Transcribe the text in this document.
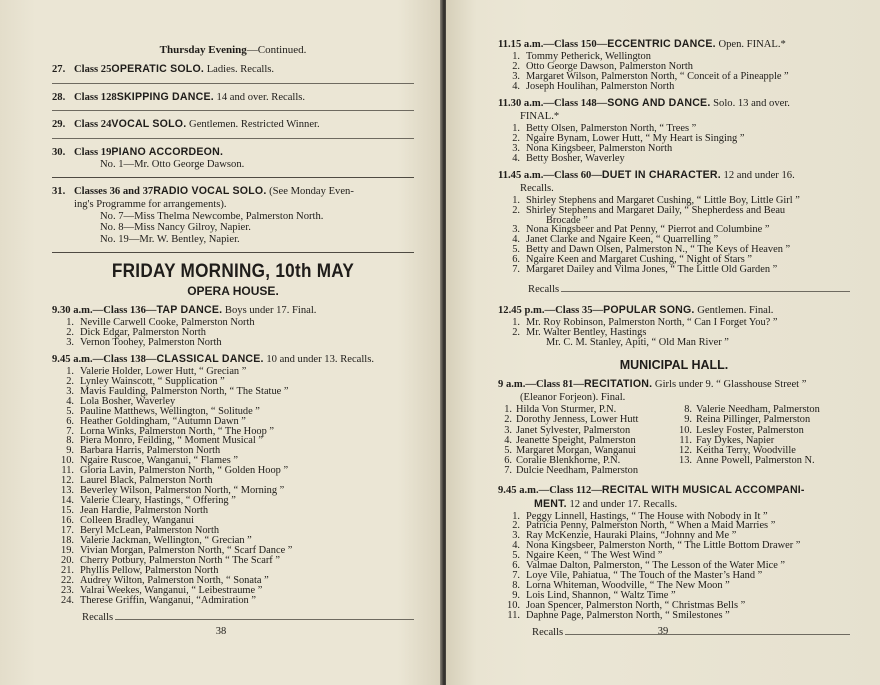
Thursday Evening—Continued.
27. Class 25OPERATIC SOLO. Ladies. Recalls.
28. Class 128SKIPPING DANCE. 14 and over. Recalls.
29. Class 24VOCAL SOLO. Gentlemen. Restricted Winner.
30. Class 19PIANO ACCORDEON.
No. 1—Mr. Otto George Dawson.
31. Classes 36 and 37RADIO VOCAL SOLO. (See Monday Even-
ing's Programme for arrangements).
No. 7—Miss Thelma Newcombe, Palmerston North.
No. 8—Miss Nancy Gilroy, Napier.
No. 19—Mr. W. Bentley, Napier.
FRIDAY MORNING, 10th MAY
OPERA HOUSE.
9.30 a.m.—Class 136—TAP DANCE. Boys under 17. Final.
1. Neville Carwell Cooke, Palmerston North
2. Dick Edgar, Palmerston North
3. Vernon Toohey, Palmerston North
9.45 a.m.—Class 138—CLASSICAL DANCE. 10 and under 13. Recalls.
1. Valerie Holder, Lower Hutt, “ Grecian ”
2. Lynley Wainscott, “ Supplication ”
3. Mavis Faulding, Palmerston North, “ The Statue ”
4. Lola Bosher, Waverley
5. Pauline Matthews, Wellington, “ Solitude ”
6. Heather Goldingham, “Autumn Dawn ”
7. Lorna Winks, Palmerston North, “ The Hoop ”
8. Piera Monro, Feilding, “ Moment Musical ”
9. Barbara Harris, Palmerston North
10. Ngaire Ruscoe, Wanganui, “ Flames ”
11. Gloria Lavin, Palmerston North, “ Golden Hoop ”
12. Laurel Black, Palmerston North
13. Beverley Wilson, Palmerston North, “ Morning ”
14. Valerie Cleary, Hastings, “ Offering ”
15. Jean Hardie, Palmerston North
16. Colleen Bradley, Wanganui
17. Beryl McLean, Palmerston North
18. Valerie Jackman, Wellington, “ Grecian ”
19. Vivian Morgan, Palmerston North, “ Scarf Dance ”
20. Cherry Potbury, Palmerston North “ The Scarf ”
21. Phyllis Pellow, Palmerston North
22. Audrey Wilton, Palmerston North, “ Sonata ”
23. Valrai Weekes, Wanganui, “ Leibestraume ”
24. Therese Griffin, Wanganui, “Admiration ”
Recalls
38
11.15 a.m.—Class 150—ECCENTRIC DANCE. Open. FINAL.*
1. Tommy Petherick, Wellington
2. Otto George Dawson, Palmerston North
3. Margaret Wilson, Palmerston North, “ Conceit of a Pineapple ”
4. Joseph Houlihan, Palmerston North
11.30 a.m.—Class 148—SONG AND DANCE. Solo. 13 and over.
FINAL.*
1. Betty Olsen, Palmerston North, “ Trees ”
2. Ngaire Bynam, Lower Hutt, “ My Heart is Singing ”
3. Nona Kingsbeer, Palmerston North
4. Betty Bosher, Waverley
11.45 a.m.—Class 60—DUET IN CHARACTER. 12 and under 16.
Recalls.
1. Shirley Stephens and Margaret Cushing, “ Little Boy, Little Girl ”
2. Shirley Stephens and Margaret Daily, “ Shepherdess and Beau
Brocade ”
3. Nona Kingsbeer and Pat Penny, “ Pierrot and Columbine ”
4. Janet Clarke and Ngaire Keen, “ Quarrelling ”
5. Betty and Dawn Olsen, Palmerston N., “ The Keys of Heaven ”
6. Ngaire Keen and Margaret Cushing, “ Night of Stars ”
7. Margaret Dailey and Vilma Jones, “ The Little Old Garden ”
Recalls
12.45 p.m.—Class 35—POPULAR SONG. Gentlemen. Final.
1. Mr. Roy Robinson, Palmerston North, “ Can I Forget You? ”
2. Mr. Walter Bentley, Hastings
Mr. C. M. Stanley, Apiti, “ Old Man River ”
MUNICIPAL HALL.
9 a.m.—Class 81—RECITATION. Girls under 9. “ Glasshouse Street ”
(Eleanor Forjeon). Final.
1. Hilda Von Sturmer, P.N.
2. Dorothy Jenness, Lower Hutt
3. Janet Sylvester, Palmerston
4. Jeanette Speight, Palmerston
5. Margaret Morgan, Wanganui
6. Coralie Blenkhorne, P.N.
7. Dulcie Needham, Palmerston
8. Valerie Needham, Palmerston
9. Reina Pillinger, Palmerston
10. Lesley Foster, Palmerston
11. Fay Dykes, Napier
12. Keitha Terry, Woodville
13. Anne Powell, Palmerston N.
9.45 a.m.—Class 112—RECITAL WITH MUSICAL ACCOMPANI-
MENT. 12 and under 17. Recalls.
1. Peggy Linnell, Hastings, “ The House with Nobody in It ”
2. Patricia Penny, Palmerston North, “ When a Maid Marries ”
3. Ray McKenzie, Hauraki Plains, “Johnny and Me ”
4. Nona Kingsbeer, Palmerston North, “ The Little Bottom Drawer ”
5. Ngaire Keen, “ The West Wind ”
6. Valmae Dalton, Palmerston, “ The Lesson of the Water Mice ”
7. Loye Vile, Pahiatua, “ The Touch of the Master’s Hand ”
8. Lorna Whiteman, Woodville, “ The New Moon ”
9. Lois Lind, Shannon, “ Waltz Time ”
10. Joan Spencer, Palmerston North, “ Christmas Bells ”
11. Daphne Page, Palmerston North, “ Smilestones ”
Recalls	39
